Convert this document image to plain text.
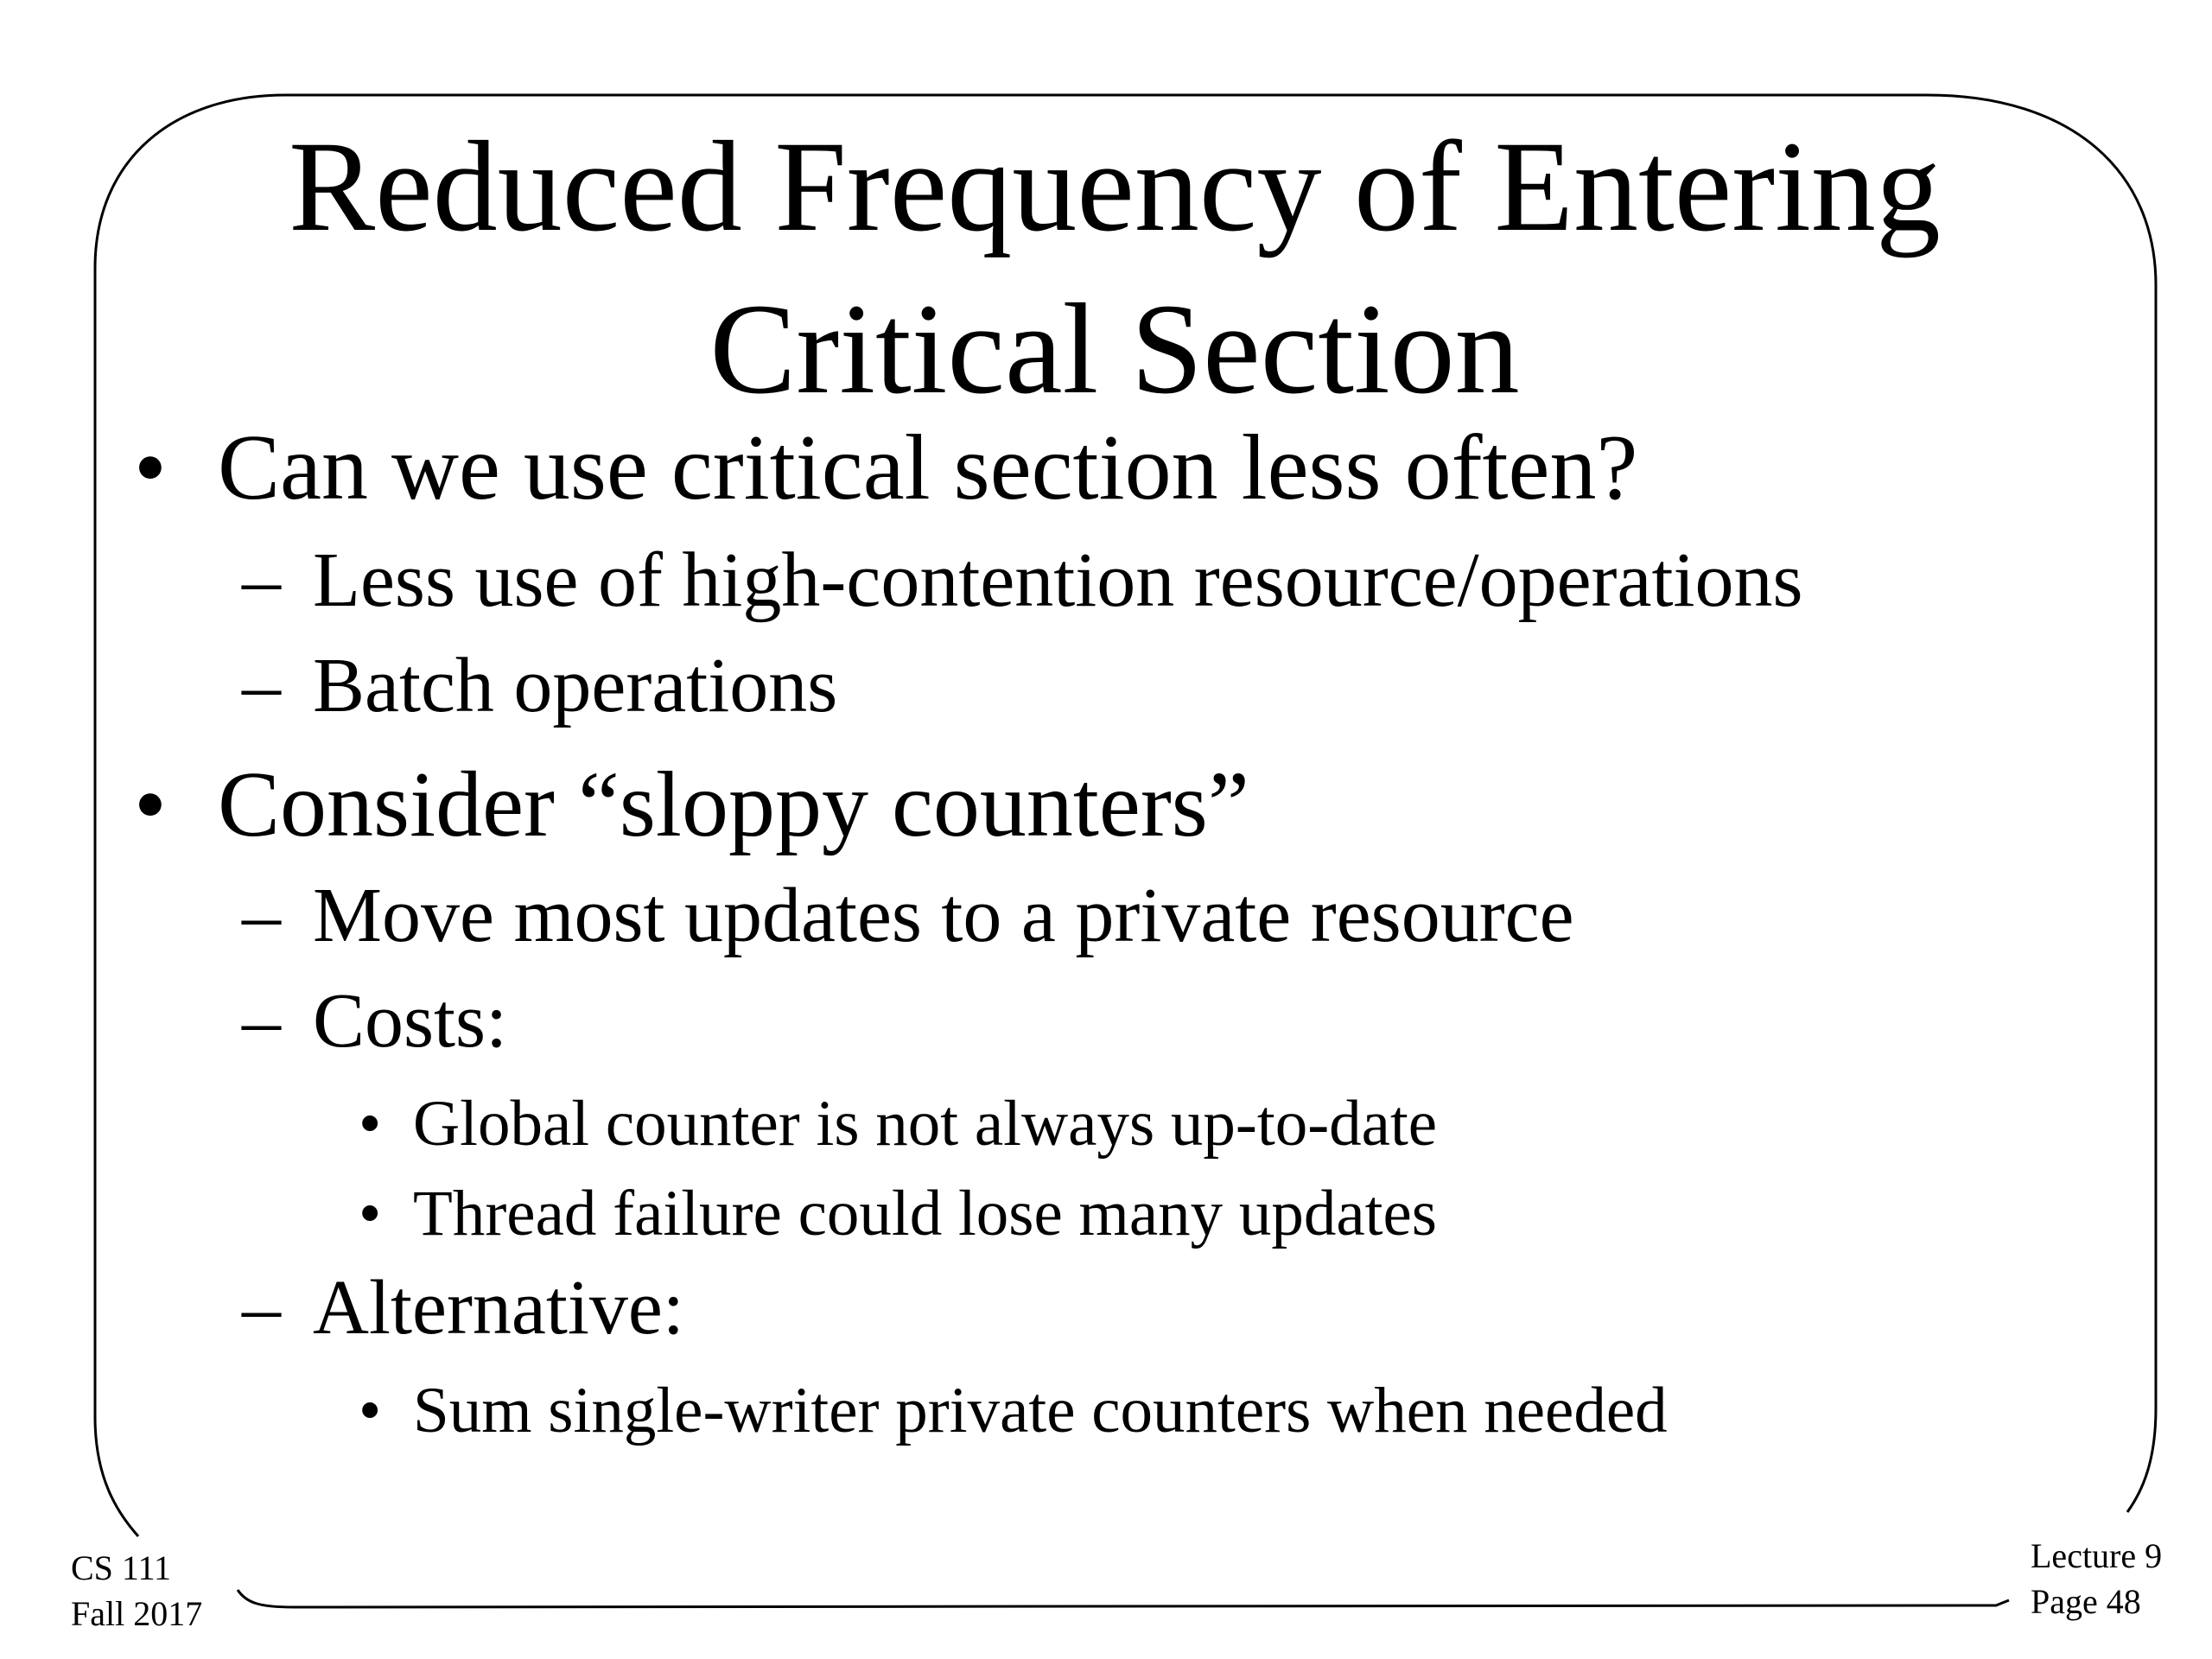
Reduced Frequency of Entering
Critical Section
• Can we use critical section less often?
– Less use of high-contention resource/operations
– Batch operations
• Consider “sloppy counters”
– Move most updates to a private resource
– Costs:
• Global counter is not always up-to-date
• Thread failure could lose many updates
– Alternative:
• Sum single-writer private counters when needed
CS 111
Fall 2017
Lecture 9
Page 48
